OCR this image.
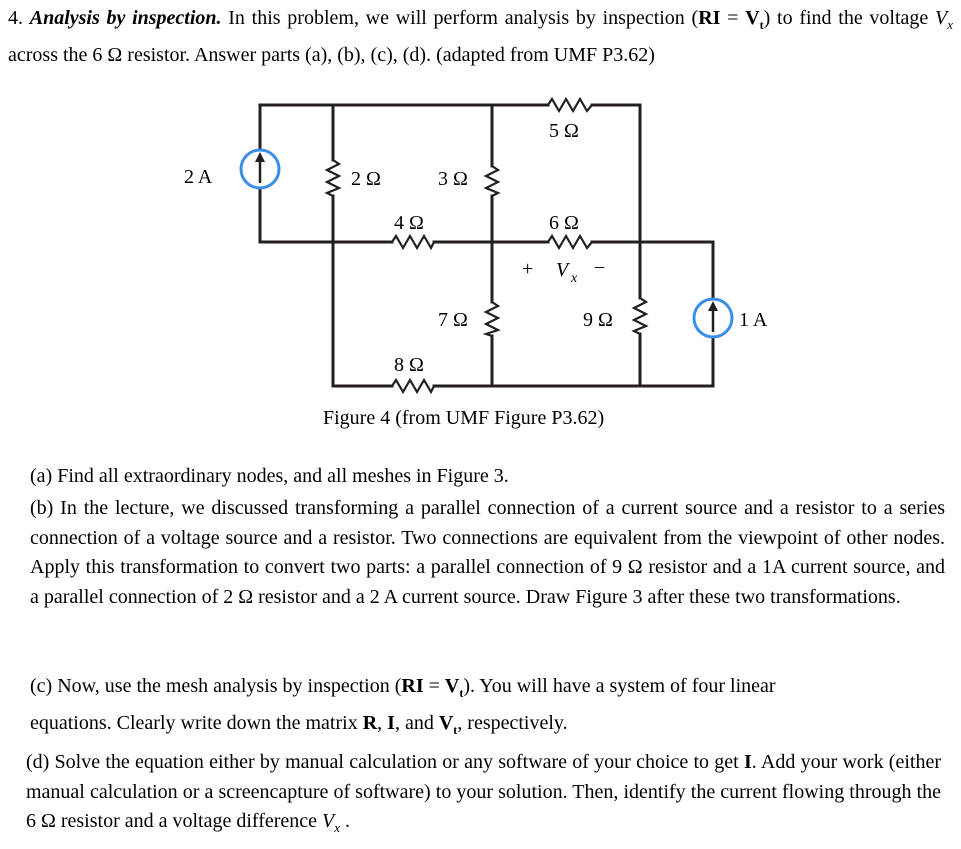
4. Analysis by inspection. In this problem, we will perform analysis by inspection $(RI = V_t)$ to find the voltage $V_x$ across the 6 Ω resistor. Answer parts (a), (b), (c), (d). (adapted from UMF P3.62)
2 A	2 Ω	3 Ω
5 Ω
4 Ω	6 Ω
7 Ω	9 Ω	1 A
8 Ω
+ V x −
Figure 4 (from UMF Figure P3.62)
(a) Find all extraordinary nodes, and all meshes in Figure 3.
(b) In the lecture, we discussed transforming a parallel connection of a current source and a resistor to a series connection of a voltage source and a resistor. Two connections are equivalent from the viewpoint of other nodes. Apply this transformation to convert two parts: a parallel connection of 9 Ω resistor and a 1A current source, and a parallel connection of 2 Ω resistor and a 2 A current source. Draw Figure 3 after these two transformations.
(c) Now, use the mesh analysis by inspection $(RI = V_t)$. You will have a system of four linear
equations. Clearly write down the matrix R, I, and $V_t$, respectively.
(d) Solve the equation either by manual calculation or any software of your choice to get I. Add your work (either manual calculation or a screencapture of software) to your solution. Then, identify the current flowing through the 6 Ω resistor and a voltage difference $V_x$ .
